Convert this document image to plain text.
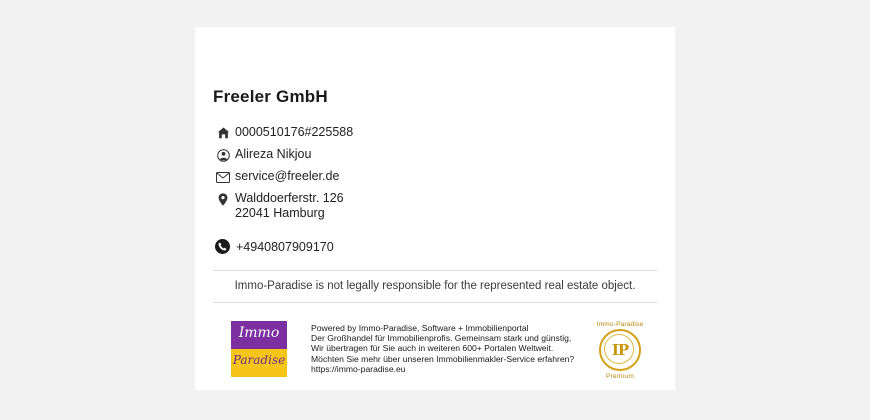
Freeler GmbH
0000510176#225588
Alireza Nikjou
service@freeler.de
Walddoerferstr. 126
22041 Hamburg
+4940807909170
Immo-Paradise is not legally responsible for the represented real estate object.
Immo
Paradise
Powered by Immo-Paradise, Software + Immobilienportal
Der Großhandel für Immobilienprofis. Gemeinsam stark und günstig,
Wir übertragen für Sie auch in weiteren 600+ Portalen Weltweit.
Möchten Sie mehr über unseren Immobilienmakler-Service erfahren?
https://immo-paradise.eu
Immo-Paradise
IP
Premium
